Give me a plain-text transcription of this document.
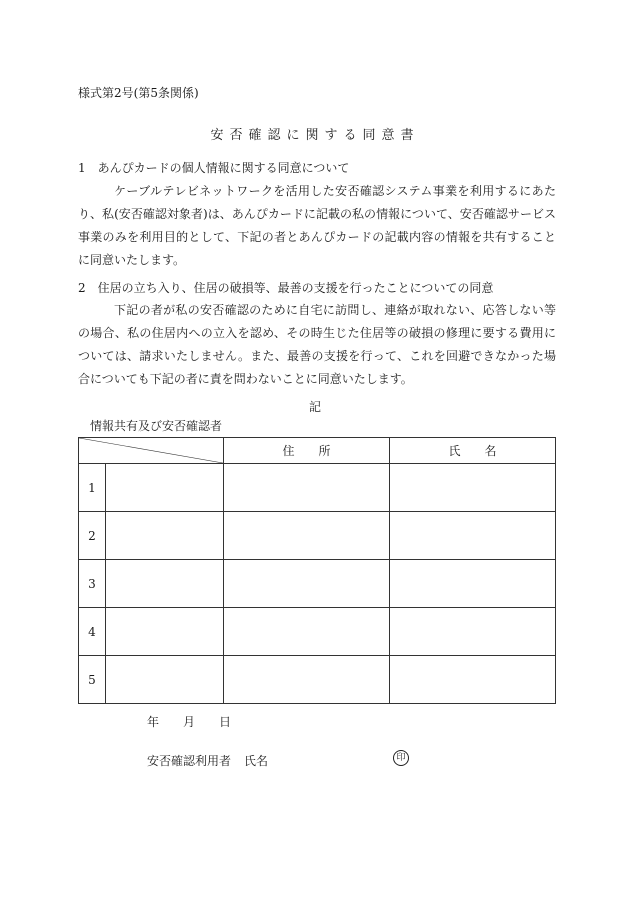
様式第2号(第5条関係)
安否確認に関する同意書
1　あんぴカードの個人情報に関する同意について
ケーブルテレビネットワークを活用した安否確認システム事業を利用するにあたり、私(安否確認対象者)は、あんぴカードに記載の私の情報について、安否確認サービス事業のみを利用目的として、下記の者とあんぴカードの記載内容の情報を共有することに同意いたします。
2　住居の立ち入り、住居の破損等、最善の支援を行ったことについての同意
下記の者が私の安否確認のために自宅に訪問し、連絡が取れない、応答しない等の場合、私の住居内への立入を認め、その時生じた住居等の破損の修理に要する費用については、請求いたしません。また、最善の支援を行って、これを回避できなかった場合についても下記の者に責を問わないことに同意いたします。
記
情報共有及び安否確認者
	住　　所	氏　　名
1			
2			
3			
4			
5			
年　　月　　日
安否確認利用者 氏名	印
